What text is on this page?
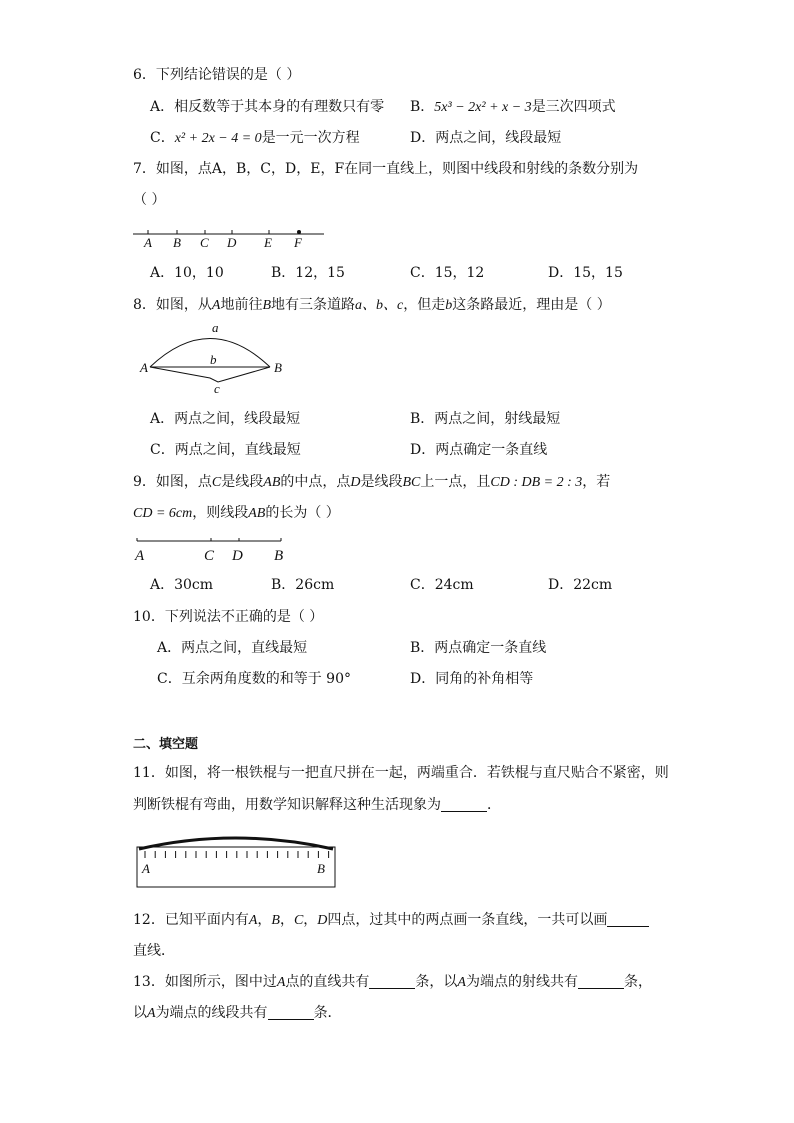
6．下列结论错误的是（ ）
A．相反数等于其本身的有理数只有零 B．5x³ − 2x² + x − 3是三次四项式
C．x² + 2x − 4 = 0是一元一次方程	D．两点之间，线段最短
7．如图，点A，B，C，D，E，F在同一直线上，则图中线段和射线的条数分别为
（ ）
A B C D E F
A．10，10	B．12，15	C．15，12	D．15，15
8．如图，从A地前往B地有三条道路a、b、c，但走b这条路最近，理由是（ ）
a
b
c
A	B
A．两点之间，线段最短	B．两点之间，射线最短
C．两点之间，直线最短	D．两点确定一条直线
9．如图，点C是线段AB的中点，点D是线段BC上一点，且CD : DB = 2 : 3，若
CD = 6cm，则线段AB的长为（ ）
A	C D B
A．30cm	B．26cm	C．24cm	D．22cm
10．下列说法不正确的是（ ）
A．两点之间，直线最短	B．两点确定一条直线
C．互余两角度数的和等于 90°	D．同角的补角相等
二、填空题
11．如图，将一根铁棍与一把直尺拼在一起，两端重合．若铁棍与直尺贴合不紧密，则
判断铁棍有弯曲，用数学知识解释这种生活现象为	．
A	B
12．已知平面内有A，B，C，D四点，过其中的两点画一条直线，一共可以画
直线．
13．如图所示，图中过A点的直线共有	条，以A为端点的射线共有	条，
以A为端点的线段共有	条．
